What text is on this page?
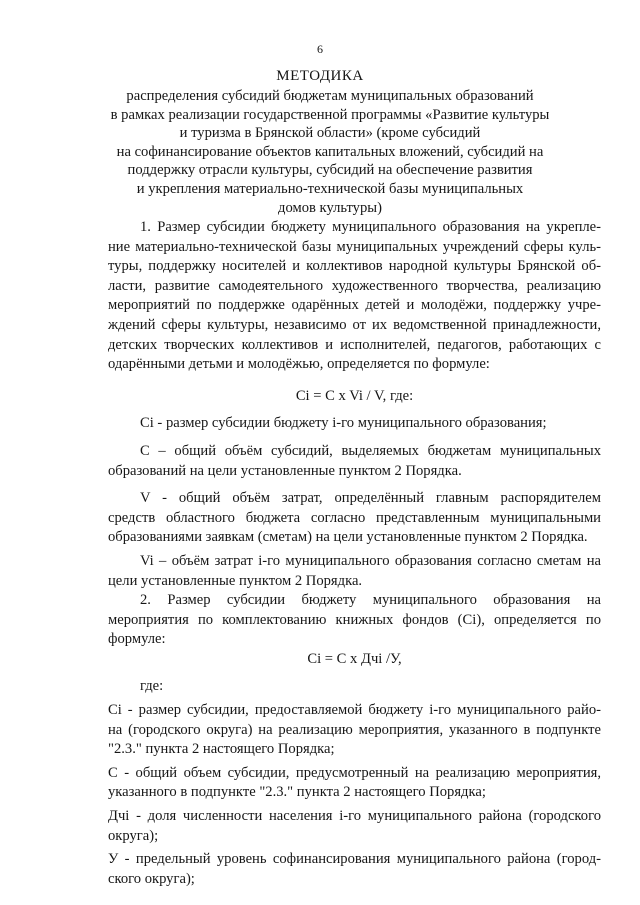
6
МЕТОДИКА
распределения субсидий бюджетам муниципальных образований
в рамках реализации государственной программы «Развитие культуры
и туризма в Брянской области» (кроме субсидий
на софинансирование объектов капитальных вложений, субсидий на
поддержку отрасли культуры, субсидий на обеспечение развития
и укрепления материально-технической базы муниципальных
домов культуры)
1. Размер субсидии бюджету муниципального образования на укрепле-
ние материально-технической базы муниципальных учреждений сферы куль-
туры, поддержку носителей и коллективов народной культуры Брянской об-
ласти, развитие самодеятельного художественного творчества, реализацию
мероприятий по поддержке одарённых детей и молодёжи, поддержку учре-
ждений сферы культуры, независимо от их ведомственной принадлежности,
детских творческих коллективов и исполнителей, педагогов, работающих с
одарёнными детьми и молодёжью, определяется по формуле:
Ci = C x Vi / V, где:
Ci - размер субсидии бюджету i-го муниципального образования;
С – общий объём субсидий, выделяемых бюджетам муниципальных
образований на цели установленные пунктом 2 Порядка.
V - общий объём затрат, определённый главным распорядителем
средств областного бюджета согласно представленным муниципальными
образованиями заявкам (сметам) на цели установленные пунктом 2 Порядка.
Vi – объём затрат i-го муниципального образования согласно сметам на
цели установленные пунктом 2 Порядка.
2. Размер субсидии бюджету муниципального образования на
мероприятия по комплектованию книжных фондов (Ci), определяется по
формуле:
Ci = C x Дчi /У,
где:
Ci - размер субсидии, предоставляемой бюджету i-го муниципального райо-
на (городского округа) на реализацию мероприятия, указанного в подпункте
"2.3." пункта 2 настоящего Порядка;
C - общий объем субсидии, предусмотренный на реализацию мероприятия,
указанного в подпункте "2.3." пункта 2 настоящего Порядка;
Дчi - доля численности населения i-го муниципального района (городского
округа);
У - предельный уровень софинансирования муниципального района (город-
ского округа);
